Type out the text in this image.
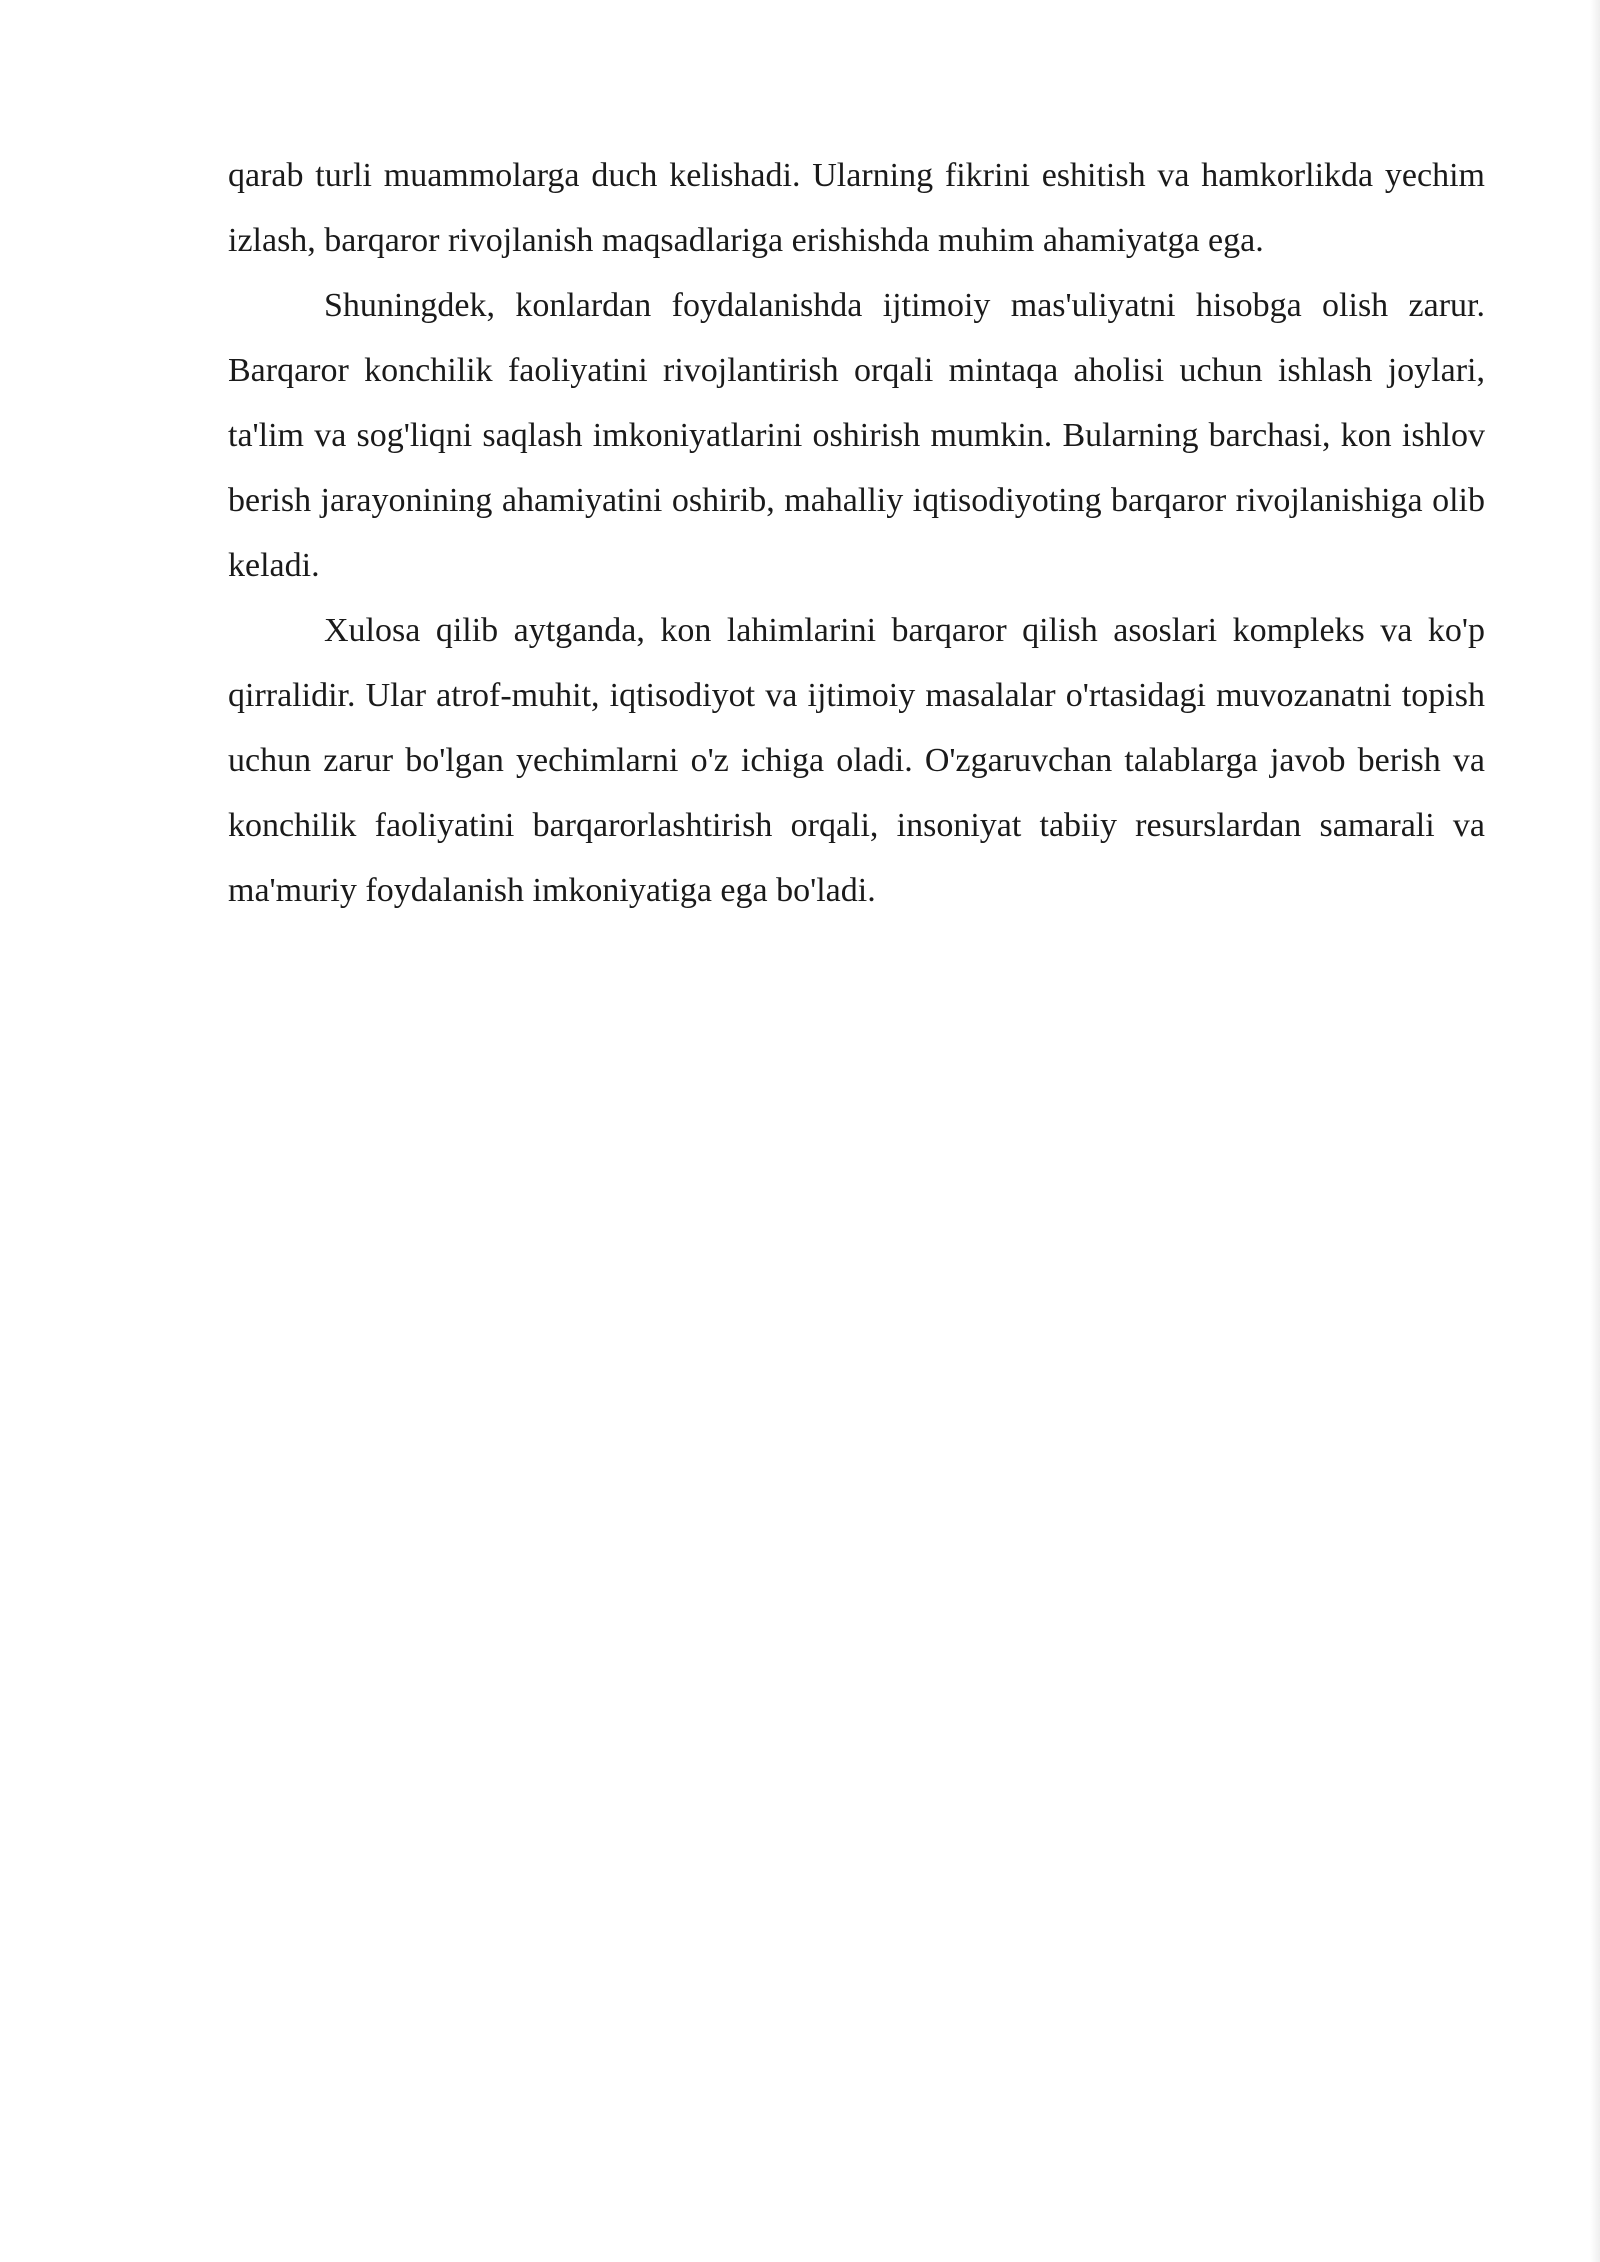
qarab turli muammolarga duch kelishadi. Ularning fikrini eshitish va hamkorlikda yechim izlash, barqaror rivojlanish maqsadlariga erishishda muhim ahamiyatga ega.

Shuningdek, konlardan foydalanishda ijtimoiy mas'uliyatni hisobga olish zarur. Barqaror konchilik faoliyatini rivojlantirish orqali mintaqa aholisi uchun ishlash joylari, ta'lim va sog'liqni saqlash imkoniyatlarini oshirish mumkin. Bularning barchasi, kon ishlov berish jarayonining ahamiyatini oshirib, mahalliy iqtisodiyoting barqaror rivojlanishiga olib keladi.

Xulosa qilib aytganda, kon lahimlarini barqaror qilish asoslari kompleks va ko'p qirralidir. Ular atrof-muhit, iqtisodiyot va ijtimoiy masalalar o'rtasidagi muvozanatni topish uchun zarur bo'lgan yechimlarni o'z ichiga oladi. O'zgaruvchan talablarga javob berish va konchilik faoliyatini barqarorlashtirish orqali, insoniyat tabiiy resurslardan samarali va ma'muriy foydalanish imkoniyatiga ega bo'ladi.
